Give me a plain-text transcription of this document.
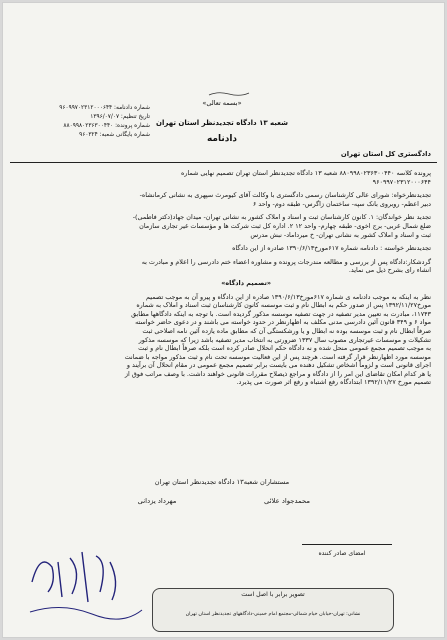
شماره دادنامه: ۹۶۰۹۹۷۰۲۳۱۲۰۰۰۶۴۴
تاریخ تنظیم: ۱۳۹۶/۰۷/۰۷
شماره پرونده: ۸۸۰۹۹۸۰۲۳۶۳۰۰۴۴۰
شماره بایگانی شعبه: ۹۶۰۳۲۴
«بسمه تعالی»
شعبه ۱۳ دادگاه تجدیدنظر استان تهران
دادنامه
دادگستری کل استان تهران
پرونده کلاسه ۸۸۰۹۹۸۰۲۳۶۳۰۰۴۴۰ شعبه ۱۳ دادگاه تجدیدنظر استان تهران تصمیم نهایی شماره
۹۶۰۹۹۷۰۲۳۱۲۰۰۰۶۴۴
تجدیدنظرخواه: شورای عالی کارشناسان رسمی دادگستری با وکالت آقای کیومرث سپهری به نشانی کرمانشاه-
دبیر اعظم- روبروی بانک سپه- ساختمان زاگرس- طبقه دوم- واحد ۶
تجدید نظر خواندگان: ۱. کانون کارشناسان ثبت و اسناد و املاک کشور به نشانی تهران- میدان جهاد(دکتر فاطمی)-
ضلع شمال غربی- برج اخوی- طبقه چهارم- واحد ۱۲ ۲. اداره کل ثبت شرکت ها و مؤسسات غیر تجاری سازمان
ثبت و اسناد و املاک کشور به نشانی تهران- خ میرداماد- نبش مدرس
تجدیدنظر خواسته : دادنامه شماره ۶۱۷مورخ۱۳۹۰/۶/۱۳ صادره از این دادگاه
گردشکار:دادگاه پس از بررسی و مطالعه مندرجات پرونده و مشاوره اعضاء ختم دادرسی را اعلام و مبادرت به
انشاء رای بشرح ذیل می نماید.
«تصمیم دادگاه»
نظر به اینکه به موجب دادنامه ی شماره ۶۱۷مورخ۱۳۹۰/۶/۱۳ صادره از این دادگاه و پیرو آن به موجب تصمیم
مورخ۱۳۹۲/۱۱/۲۷ پس از صدور حکم به ابطال نام و ثبت موسسه کانون کارشناسان ثبت اسناد و املاک به شماره
۱۱۷۴۳، مبادرت به تعیین مدیر تصفیه در جهت تصفیه موسسه مذکور گردیده است. با توجه به اینکه دادگاهها مطابق
مواد ۶ و ۳۴۹ قانون آئین دادرسی مدنی مکلف به اظهارنظر در حدود خواسته می باشند و در دعوی حاضر خواسته
صرفاً ابطال نام و ثبت موسسه بوده نه ابطال و یا ورشکستگی آن که مطابق ماده یازده آئین نامه اصلاحی ثبت
تشکیلات و موسسات غیرتجاری مصوب سال ۱۳۳۷ ضرورتی به انتخاب مدیر تصفیه باشد زیرا که موسسه مذکور
به موجب تصمیم مجمع عمومی منحل شده و نه دادگاه حکم انحلال صادر کرده است بلکه صرفاً ابطال نام و ثبت
موسسه مورد اظهارنظر قرار گرفته است. هرچند پس از این فعالیت موسسه تحت نام و ثبت مذکور مواجه با ضمانت
اجرای قانونی است و لزوماً اشخاص تشکیل دهنده می بایست برابر تصمیم مجمع عمومی در مقام انحلال آن برآیند و
یا هر کدام امکان تقاضای این امر را از دادگاه و مراجع ذیصلاح مقررات قانونی خواهند داشت. با وصف مراتب فوق از
تصمیم مورخ ۱۳۹۲/۱۱/۲۷ ابتدادگاه رفع اشتباه و رفع اثر صورت می پذیرد.
مستشاران شعبه۱۳ دادگاه تجدیدنظر استان تهران
محمدجواد علائی
مهرداد یزدانی
امضای صادر کننده
تصویر برابر با اصل است
نشانی: تهران-خیابان خیام شمالی-مجتمع امام خمینی-دادگاههای تجدیدنظر استان تهران
